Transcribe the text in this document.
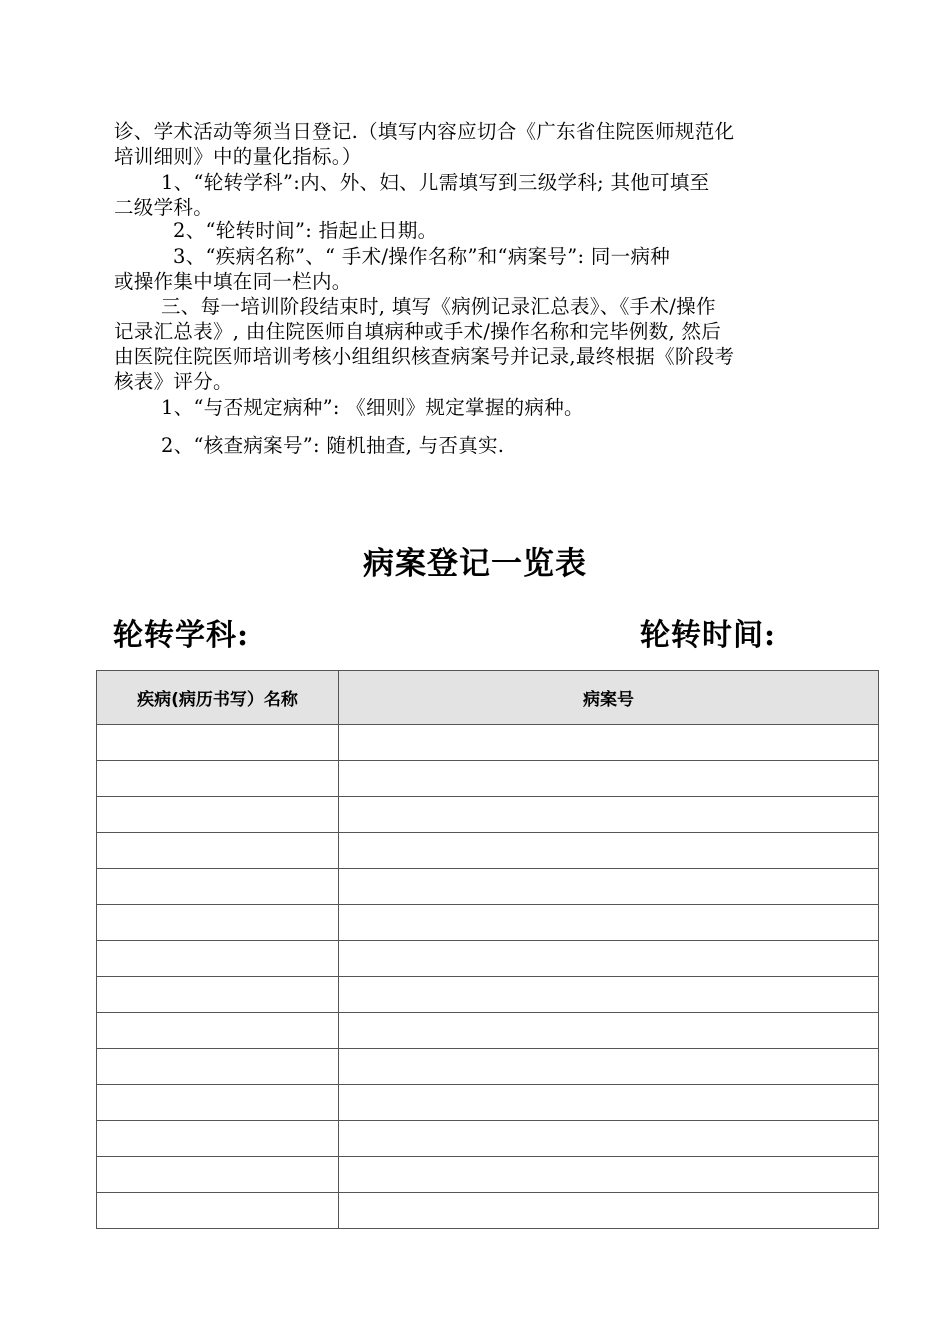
诊、学术活动等须当日登记.（填写内容应切合《广东省住院医师规范化
培训细则》中的量化指标。）
1、“轮转学科”:内、外、妇、儿需填写到三级学科; 其他可填至
二级学科。
2、“轮转时间”: 指起止日期。
3、“疾病名称”、“ 手术/操作名称”和“病案号”: 同一病种
或操作集中填在同一栏内。
三、每一培训阶段结束时, 填写《病例记录汇总表》、《手术/操作
记录汇总表》, 由住院医师自填病种或手术/操作名称和完毕例数, 然后
由医院住院医师培训考核小组组织核查病案号并记录,最终根据《阶段考
核表》评分。
1、“与否规定病种”: 《细则》规定掌握的病种。
2、“核查病案号”: 随机抽查, 与否真实.
病案登记一览表
轮转学科:	轮转时间:
疾病(病历书写）名称	病案号
